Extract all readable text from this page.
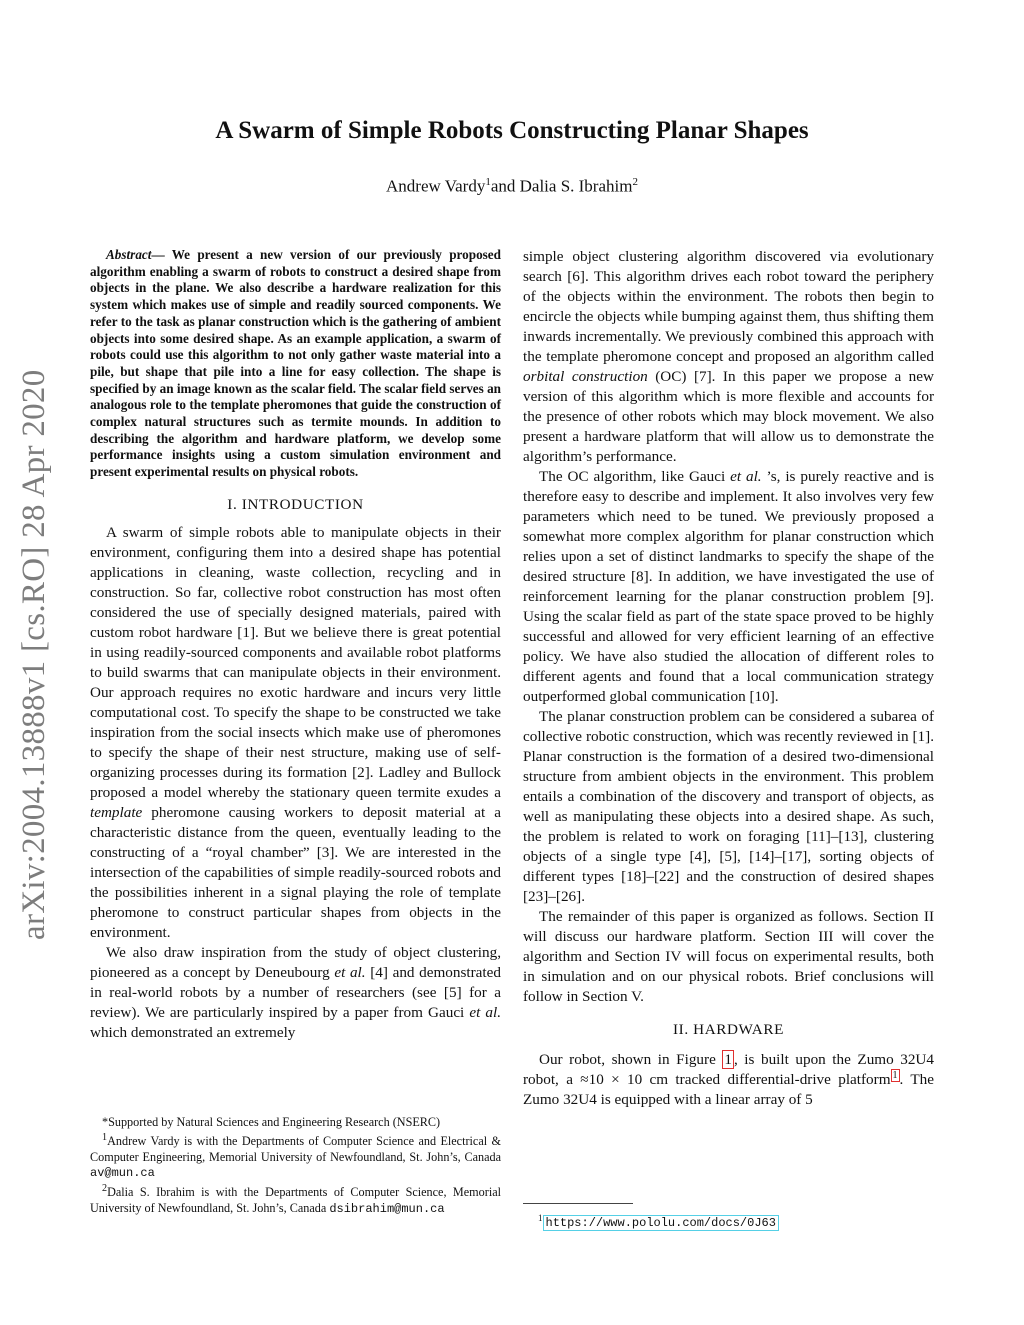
arXiv:2004.13888v1 [cs.RO] 28 Apr 2020
A Swarm of Simple Robots Constructing Planar Shapes
Andrew Vardy$^1$and Dalia S. Ibrahim$^2$

Abstract— We present a new version of our previously proposed algorithm enabling a swarm of robots to construct a desired shape from objects in the plane. We also describe a hardware realization for this system which makes use of simple and readily sourced components. We refer to the task as planar construction which is the gathering of ambient objects into some desired shape. As an example application, a swarm of robots could use this algorithm to not only gather waste material into a pile, but shape that pile into a line for easy collection. The shape is specified by an image known as the scalar field. The scalar field serves an analogous role to the template pheromones that guide the construction of complex natural structures such as termite mounds. In addition to describing the algorithm and hardware platform, we develop some performance insights using a custom simulation environment and present experimental results on physical robots.

I. INTRODUCTION

A swarm of simple robots able to manipulate objects in their environment, configuring them into a desired shape has potential applications in cleaning, waste collection, recycling and in construction. So far, collective robot construction has most often considered the use of specially designed materials, paired with custom robot hardware [1]. But we believe there is great potential in using readily-sourced components and available robot platforms to build swarms that can manipulate objects in their environment. Our approach requires no exotic hardware and incurs very little computational cost. To specify the shape to be constructed we take inspiration from the social insects which make use of pheromones to specify the shape of their nest structure, making use of self-organizing processes during its formation [2]. Ladley and Bullock proposed a model whereby the stationary queen termite exudes a template pheromone causing workers to deposit material at a characteristic distance from the queen, eventually leading to the constructing of a “royal chamber” [3]. We are interested in the intersection of the capabilities of simple readily-sourced robots and the possibilities inherent in a signal playing the role of template pheromone to construct particular shapes from objects in the environment.

We also draw inspiration from the study of object clustering, pioneered as a concept by Deneubourg et al. [4] and demonstrated in real-world robots by a number of researchers (see [5] for a review). We are particularly inspired by a paper from Gauci et al. which demonstrated an extremely

*Supported by Natural Sciences and Engineering Research (NSERC)

$^1$Andrew Vardy is with the Departments of Computer Science and Electrical & Computer Engineering, Memorial University of Newfoundland, St. John’s, Canada av@mun.ca

$^2$Dalia S. Ibrahim is with the Departments of Computer Science, Memorial University of Newfoundland, St. John’s, Canada dsibrahim@mun.ca

simple object clustering algorithm discovered via evolutionary search [6]. This algorithm drives each robot toward the periphery of the objects within the environment. The robots then begin to encircle the objects while bumping against them, thus shifting them inwards incrementally. We previously combined this approach with the template pheromone concept and proposed an algorithm called orbital construction (OC) [7]. In this paper we propose a new version of this algorithm which is more flexible and accounts for the presence of other robots which may block movement. We also present a hardware platform that will allow us to demonstrate the algorithm’s performance.

The OC algorithm, like Gauci et al. ’s, is purely reactive and is therefore easy to describe and implement. It also involves very few parameters which need to be tuned. We previously proposed a somewhat more complex algorithm for planar construction which relies upon a set of distinct landmarks to specify the shape of the desired structure [8]. In addition, we have investigated the use of reinforcement learning for the planar construction problem [9]. Using the scalar field as part of the state space proved to be highly successful and allowed for very efficient learning of an effective policy. We have also studied the allocation of different roles to different agents and found that a local communication strategy outperformed global communication [10].

The planar construction problem can be considered a subarea of collective robotic construction, which was recently reviewed in [1]. Planar construction is the formation of a desired two-dimensional structure from ambient objects in the environment. This problem entails a combination of the discovery and transport of objects, as well as manipulating these objects into a desired shape. As such, the problem is related to work on foraging [11]–[13], clustering objects of a single type [4], [5], [14]–[17], sorting objects of different types [18]–[22] and the construction of desired shapes [23]–[26].

The remainder of this paper is organized as follows. Section II will discuss our hardware platform. Section III will cover the algorithm and Section IV will focus on experimental results, both in simulation and on our physical robots. Brief conclusions will follow in Section V.

II. HARDWARE

Our robot, shown in Figure 1 , is built upon the Zumo 32U4 robot, a ≈10 × 10 cm tracked differential-drive platform $^1$ . The Zumo 32U4 is equipped with a linear array of 5

$^1$ https://www.pololu.com/docs/0J63
